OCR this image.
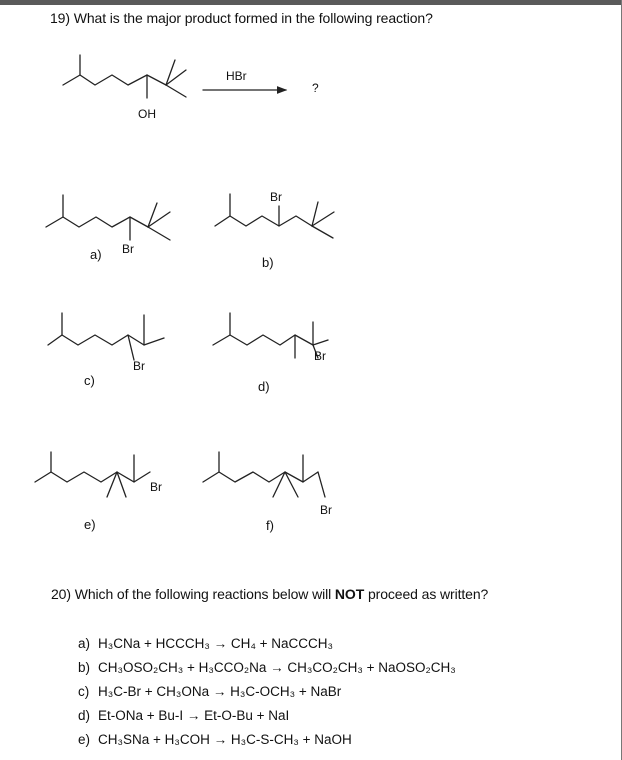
19) What is the major product formed in the following reaction?
OH
HBr
?
a) Br
b)
Br
c)
Br
d)
Br
e)
Br
f)
Br
20) Which of the following reactions below will NOT proceed as written?
a) H₃CNa + HCCCH₃ → CH₄ + NaCCCH₃
b) CH₃OSO₂CH₃ + H₃CCO₂Na → CH₃CO₂CH₃ + NaOSO₂CH₃
c) H₃C-Br + CH₃ONa → H₃C-OCH₃ + NaBr
d) Et-ONa + Bu-I → Et-O-Bu + NaI
e) CH₃SNa + H₃COH → H₃C-S-CH₃ + NaOH
